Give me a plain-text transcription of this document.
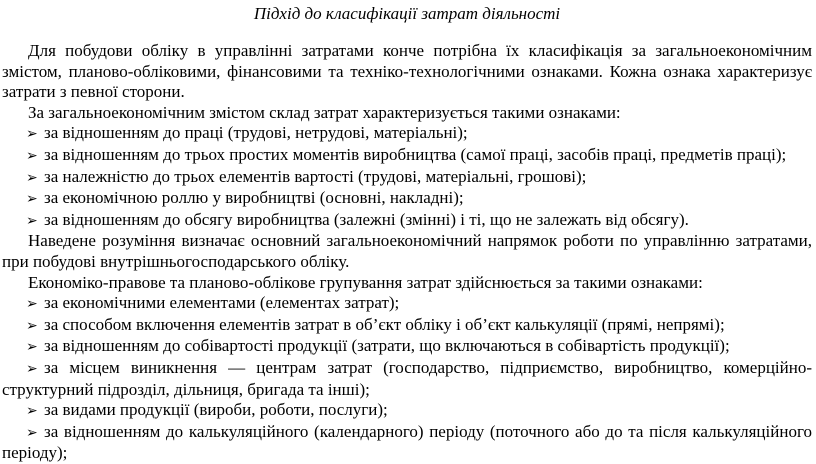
Підхід до класифікації затрат діяльності

Для побудови обліку в управлінні затратами конче потрібна їх класифікація за загальноекономічним змістом, планово-обліковими, фінансовими та техніко-технологічними ознаками. Кожна ознака характеризує затрати з певної сторони.

За загальноекономічним змістом склад затрат характеризується такими ознаками:

➢ за відношенням до праці (трудові, нетрудові, матеріальні);

➢ за відношенням до трьох простих моментів виробництва (самої праці, засобів праці, предметів праці);

➢ за належністю до трьох елементів вартості (трудові, матеріальні, грошові);

➢ за економічною роллю у виробництві (основні, накладні);

➢ за відношенням до обсягу виробництва (залежні (змінні) і ті, що не залежать від обсягу).

Наведене розуміння визначає основний загальноекономічний напрямок роботи по управлінню затратами, при побудові внутрішньогосподарського обліку.

Економіко-правове та планово-облікове групування затрат здійснюється за такими ознаками:

➢ за економічними елементами (елементах затрат);

➢ за способом включення елементів затрат в об’єкт обліку і об’єкт калькуляції (прямі, непрямі);

➢ за відношенням до собівартості продукції (затрати, що включаються в собівартість продукції);

➢ за місцем виникнення — центрам затрат (господарство, підприємство, виробництво, комерційно-структурний підрозділ, дільниця, бригада та інші);

➢ за видами продукції (вироби, роботи, послуги);

➢ за відношенням до калькуляційного (календарного) періоду (поточного або до та після калькуляційного періоду);
